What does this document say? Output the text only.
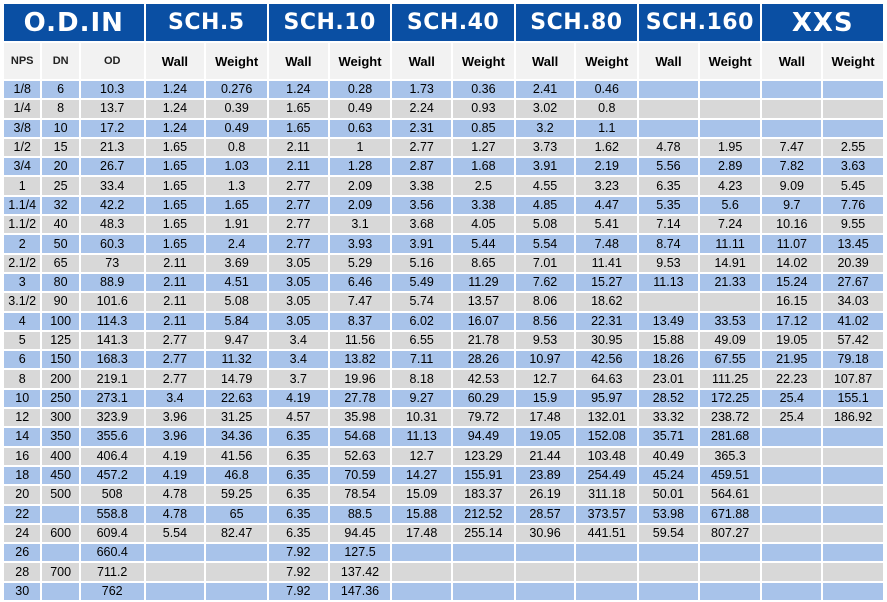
O.D.IN			SCH.5		SCH.10		SCH.40		SCH.80		SCH.160		XXS	
NPS	DN	OD	Wall	Weight	Wall	Weight	Wall	Weight	Wall	Weight	Wall	Weight	Wall	Weight
1/8	6	10.3	1.24	0.276	1.24	0.28	1.73	0.36	2.41	0.46				
1/4	8	13.7	1.24	0.39	1.65	0.49	2.24	0.93	3.02	0.8				
3/8	10	17.2	1.24	0.49	1.65	0.63	2.31	0.85	3.2	1.1				
1/2	15	21.3	1.65	0.8	2.11	1	2.77	1.27	3.73	1.62	4.78	1.95	7.47	2.55
3/4	20	26.7	1.65	1.03	2.11	1.28	2.87	1.68	3.91	2.19	5.56	2.89	7.82	3.63
1	25	33.4	1.65	1.3	2.77	2.09	3.38	2.5	4.55	3.23	6.35	4.23	9.09	5.45
1.1/4	32	42.2	1.65	1.65	2.77	2.09	3.56	3.38	4.85	4.47	5.35	5.6	9.7	7.76
1.1/2	40	48.3	1.65	1.91	2.77	3.1	3.68	4.05	5.08	5.41	7.14	7.24	10.16	9.55
2	50	60.3	1.65	2.4	2.77	3.93	3.91	5.44	5.54	7.48	8.74	11.11	11.07	13.45
2.1/2	65	73	2.11	3.69	3.05	5.29	5.16	8.65	7.01	11.41	9.53	14.91	14.02	20.39
3	80	88.9	2.11	4.51	3.05	6.46	5.49	11.29	7.62	15.27	11.13	21.33	15.24	27.67
3.1/2	90	101.6	2.11	5.08	3.05	7.47	5.74	13.57	8.06	18.62			16.15	34.03
4	100	114.3	2.11	5.84	3.05	8.37	6.02	16.07	8.56	22.31	13.49	33.53	17.12	41.02
5	125	141.3	2.77	9.47	3.4	11.56	6.55	21.78	9.53	30.95	15.88	49.09	19.05	57.42
6	150	168.3	2.77	11.32	3.4	13.82	7.11	28.26	10.97	42.56	18.26	67.55	21.95	79.18
8	200	219.1	2.77	14.79	3.7	19.96	8.18	42.53	12.7	64.63	23.01	111.25	22.23	107.87
10	250	273.1	3.4	22.63	4.19	27.78	9.27	60.29	15.9	95.97	28.52	172.25	25.4	155.1
12	300	323.9	3.96	31.25	4.57	35.98	10.31	79.72	17.48	132.01	33.32	238.72	25.4	186.92
14	350	355.6	3.96	34.36	6.35	54.68	11.13	94.49	19.05	152.08	35.71	281.68		
16	400	406.4	4.19	41.56	6.35	52.63	12.7	123.29	21.44	103.48	40.49	365.3		
18	450	457.2	4.19	46.8	6.35	70.59	14.27	155.91	23.89	254.49	45.24	459.51		
20	500	508	4.78	59.25	6.35	78.54	15.09	183.37	26.19	311.18	50.01	564.61		
22		558.8	4.78	65	6.35	88.5	15.88	212.52	28.57	373.57	53.98	671.88		
24	600	609.4	5.54	82.47	6.35	94.45	17.48	255.14	30.96	441.51	59.54	807.27		
26		660.4			7.92	127.5								
28	700	711.2			7.92	137.42								
30		762			7.92	147.36								
